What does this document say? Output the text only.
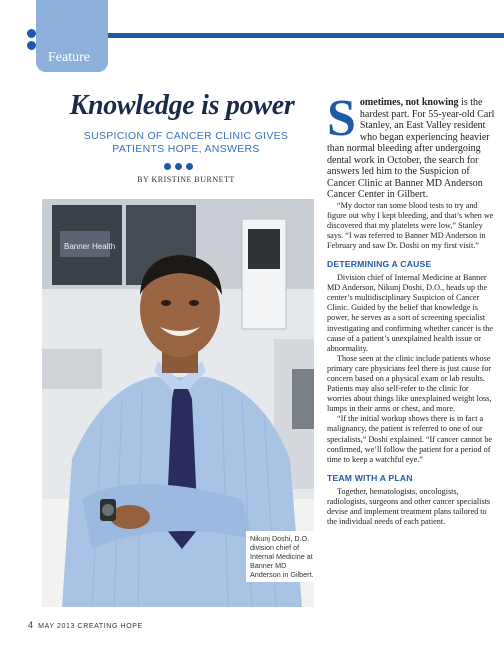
Feature
Knowledge is power
SUSPICION OF CANCER CLINIC GIVES PATIENTS HOPE, ANSWERS
BY KRISTINE BURNETT
Banner Health
Nikunj Doshi, D.O. division chief of Internal Medicine at Banner MD Anderson in Gilbert.
S ometimes, not knowing is the hardest part. For 55-year-old Carl Stanley, an East Valley resident who began experiencing heavier than normal bleeding after undergoing dental work in October, the search for answers led him to the Suspicion of Cancer Clinic at Banner MD Anderson Cancer Center in Gilbert.

“My doctor ran some blood tests to try and figure out why I kept bleeding, and that’s when we discovered that my platelets were low,” Stanley says. “I was referred to Banner MD Anderson in February and saw Dr. Doshi on my first visit.”

DETERMINING A CAUSE

Division chief of Internal Medicine at Banner MD Anderson, Nikunj Doshi, D.O., heads up the center’s multidisciplinary Suspicion of Cancer Clinic. Guided by the belief that knowledge is power, he serves as a sort of screening specialist investigating and confirming whether cancer is the cause of a patient’s unexplained health issue or abnormality.

Those seen at the clinic include patients whose primary care physicians feel there is just cause for concern based on a physical exam or lab results. Patients may also self-refer to the clinic for worries about things like unexplained weight loss, lumps in their arms or chest, and more.

“If the initial workup shows there is in fact a malignancy, the patient is referred to one of our specialists,” Doshi explained. “If cancer cannot be confirmed, we’ll follow the patient for a period of time to keep a watchful eye.”

TEAM WITH A PLAN

Together, hematologists, oncologists, radiologists, surgeons and other cancer specialists devise and implement treatment plans tailored to the individual needs of each patient.

4 MAY 2013 CREATING HOPE
